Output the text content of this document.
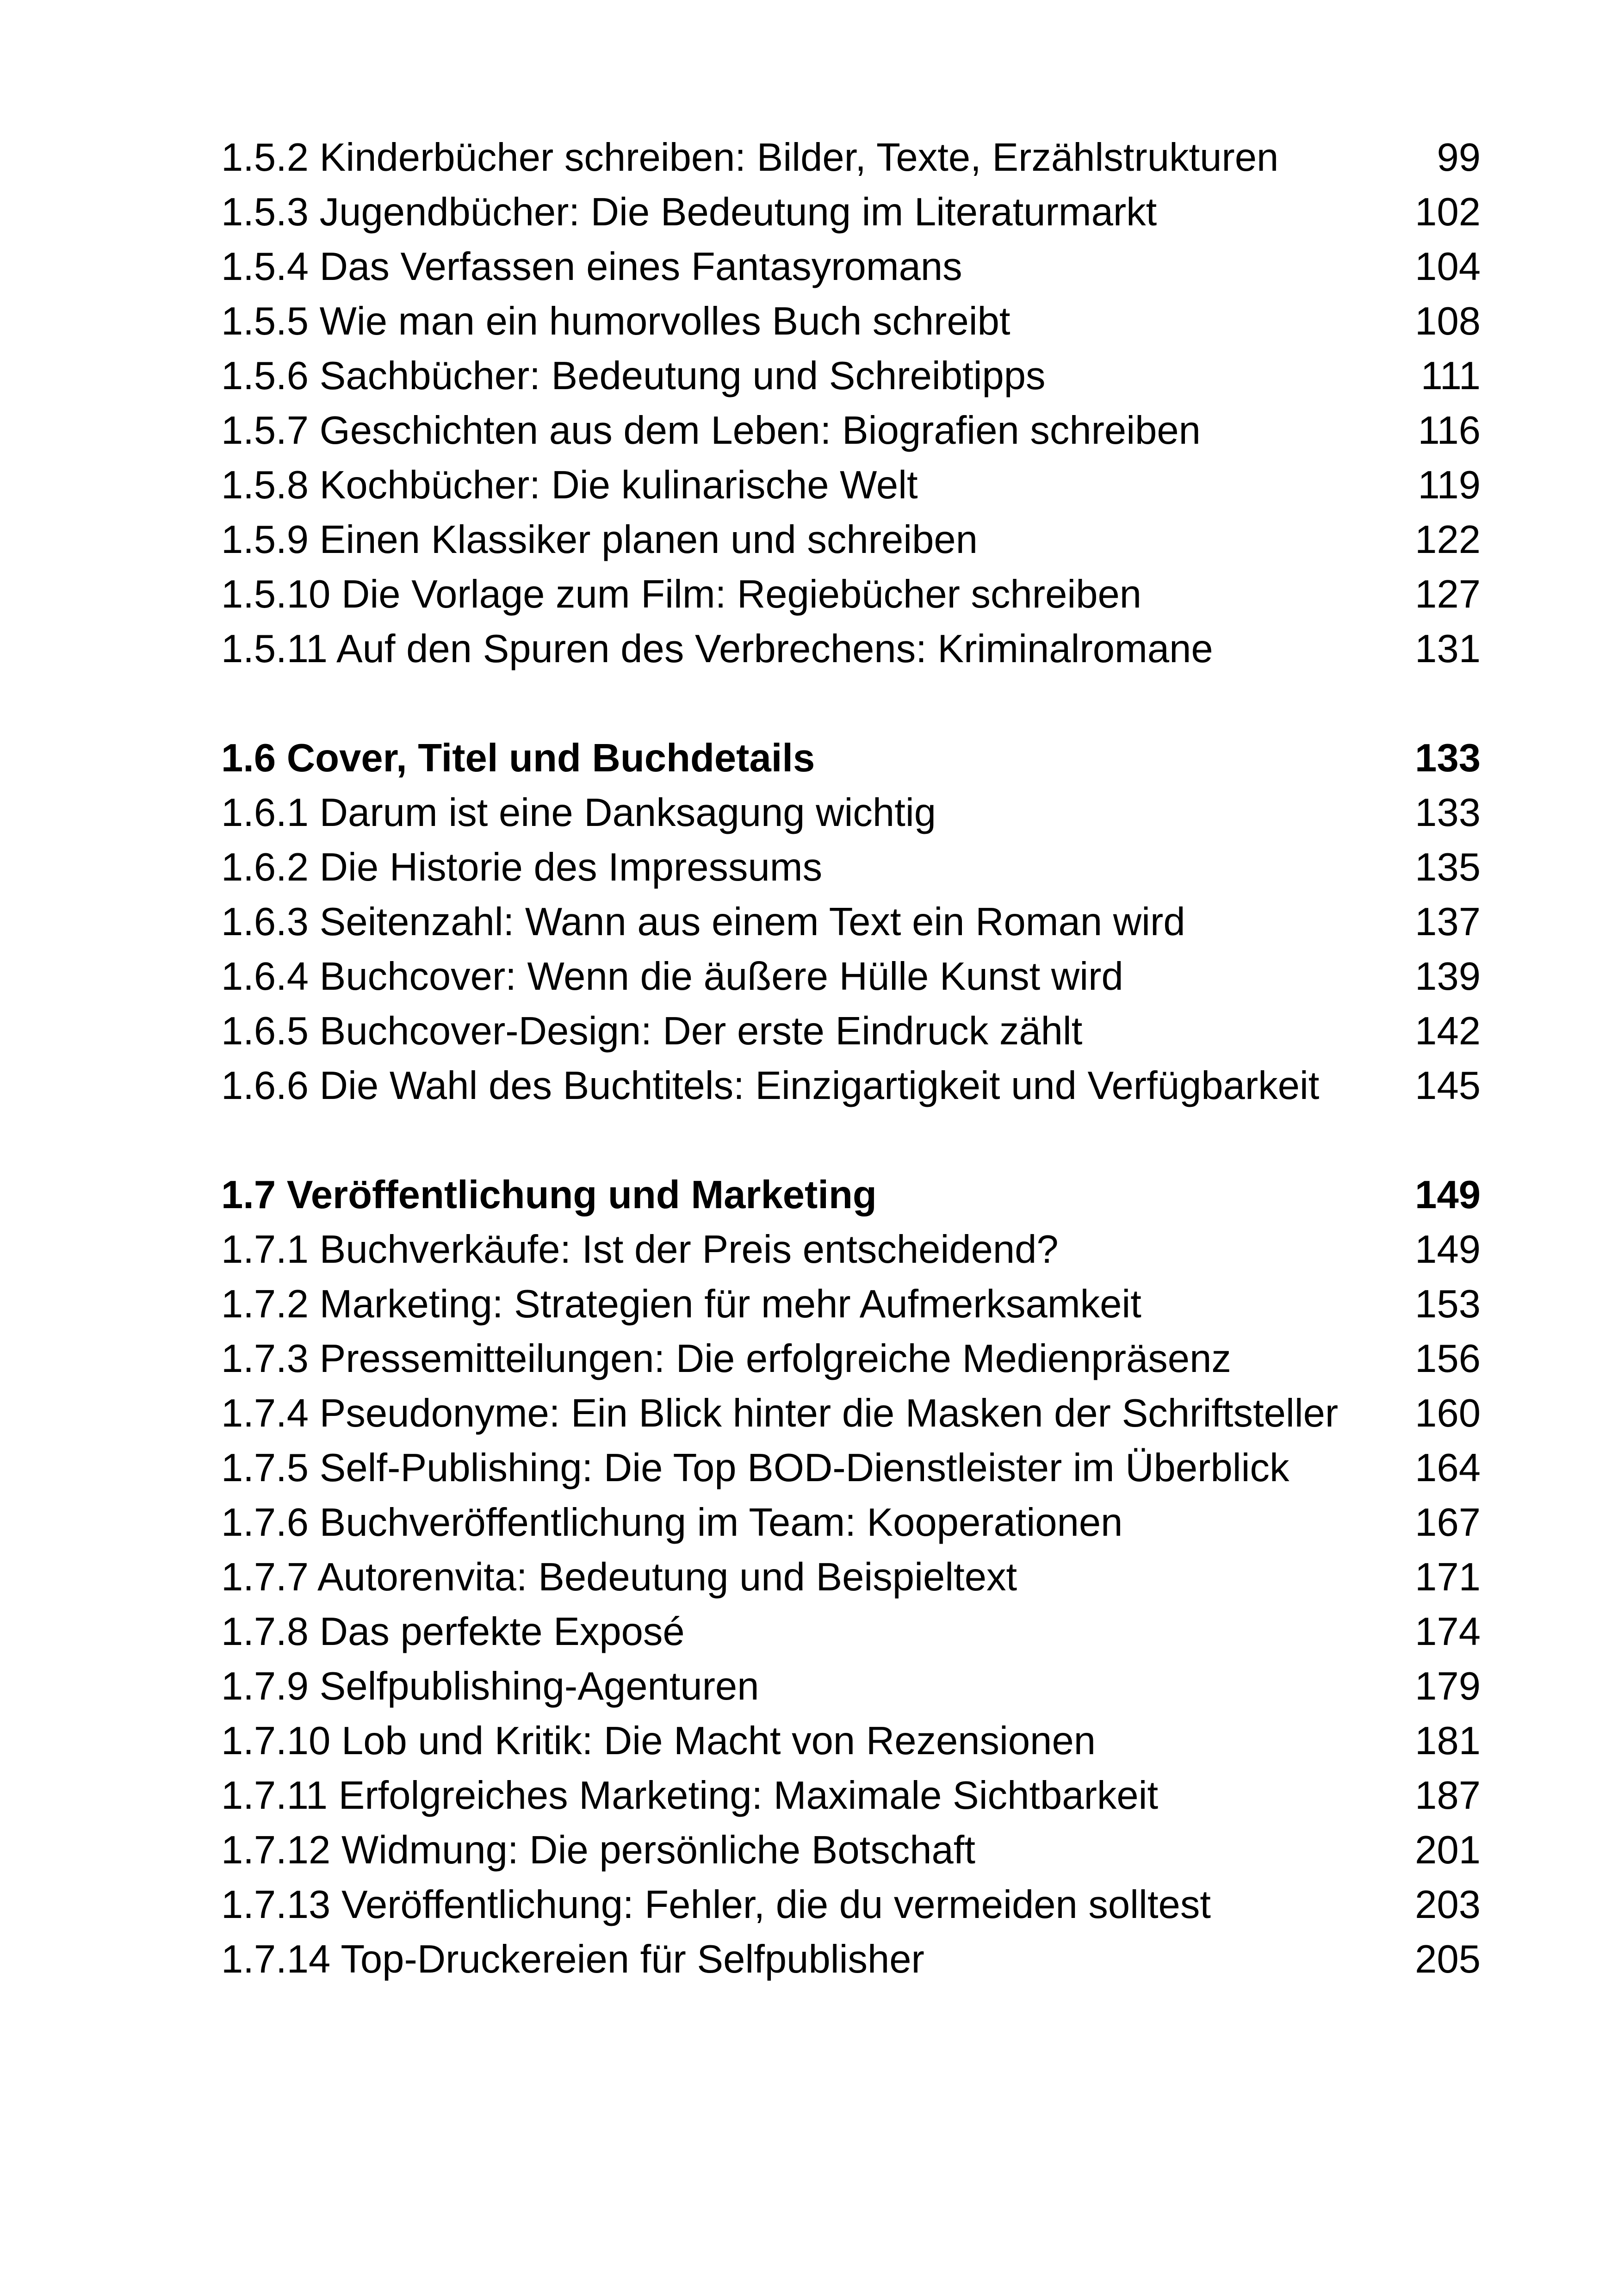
1.5.2 Kinderbücher schreiben: Bilder, Texte, Erzählstrukturen	99
1.5.3 Jugendbücher: Die Bedeutung im Literaturmarkt	102
1.5.4 Das Verfassen eines Fantasyromans	104
1.5.5 Wie man ein humorvolles Buch schreibt	108
1.5.6 Sachbücher: Bedeutung und Schreibtipps	111
1.5.7 Geschichten aus dem Leben: Biografien schreiben	116
1.5.8 Kochbücher: Die kulinarische Welt	119
1.5.9 Einen Klassiker planen und schreiben	122
1.5.10 Die Vorlage zum Film: Regiebücher schreiben	127
1.5.11 Auf den Spuren des Verbrechens: Kriminalromane	131
1.6 Cover, Titel und Buchdetails	133
1.6.1 Darum ist eine Danksagung wichtig	133
1.6.2 Die Historie des Impressums	135
1.6.3 Seitenzahl: Wann aus einem Text ein Roman wird	137
1.6.4 Buchcover: Wenn die äußere Hülle Kunst wird	139
1.6.5 Buchcover-Design: Der erste Eindruck zählt	142
1.6.6 Die Wahl des Buchtitels: Einzigartigkeit und Verfügbarkeit	145
1.7 Veröffentlichung und Marketing	149
1.7.1 Buchverkäufe: Ist der Preis entscheidend?	149
1.7.2 Marketing: Strategien für mehr Aufmerksamkeit	153
1.7.3 Pressemitteilungen: Die erfolgreiche Medienpräsenz	156
1.7.4 Pseudonyme: Ein Blick hinter die Masken der Schriftsteller	160
1.7.5 Self-Publishing: Die Top BOD-Dienstleister im Überblick	164
1.7.6 Buchveröffentlichung im Team: Kooperationen	167
1.7.7 Autorenvita: Bedeutung und Beispieltext	171
1.7.8 Das perfekte Exposé	174
1.7.9 Selfpublishing-Agenturen	179
1.7.10 Lob und Kritik: Die Macht von Rezensionen	181
1.7.11 Erfolgreiches Marketing: Maximale Sichtbarkeit	187
1.7.12 Widmung: Die persönliche Botschaft	201
1.7.13 Veröffentlichung: Fehler, die du vermeiden solltest	203
1.7.14 Top-Druckereien für Selfpublisher	205
